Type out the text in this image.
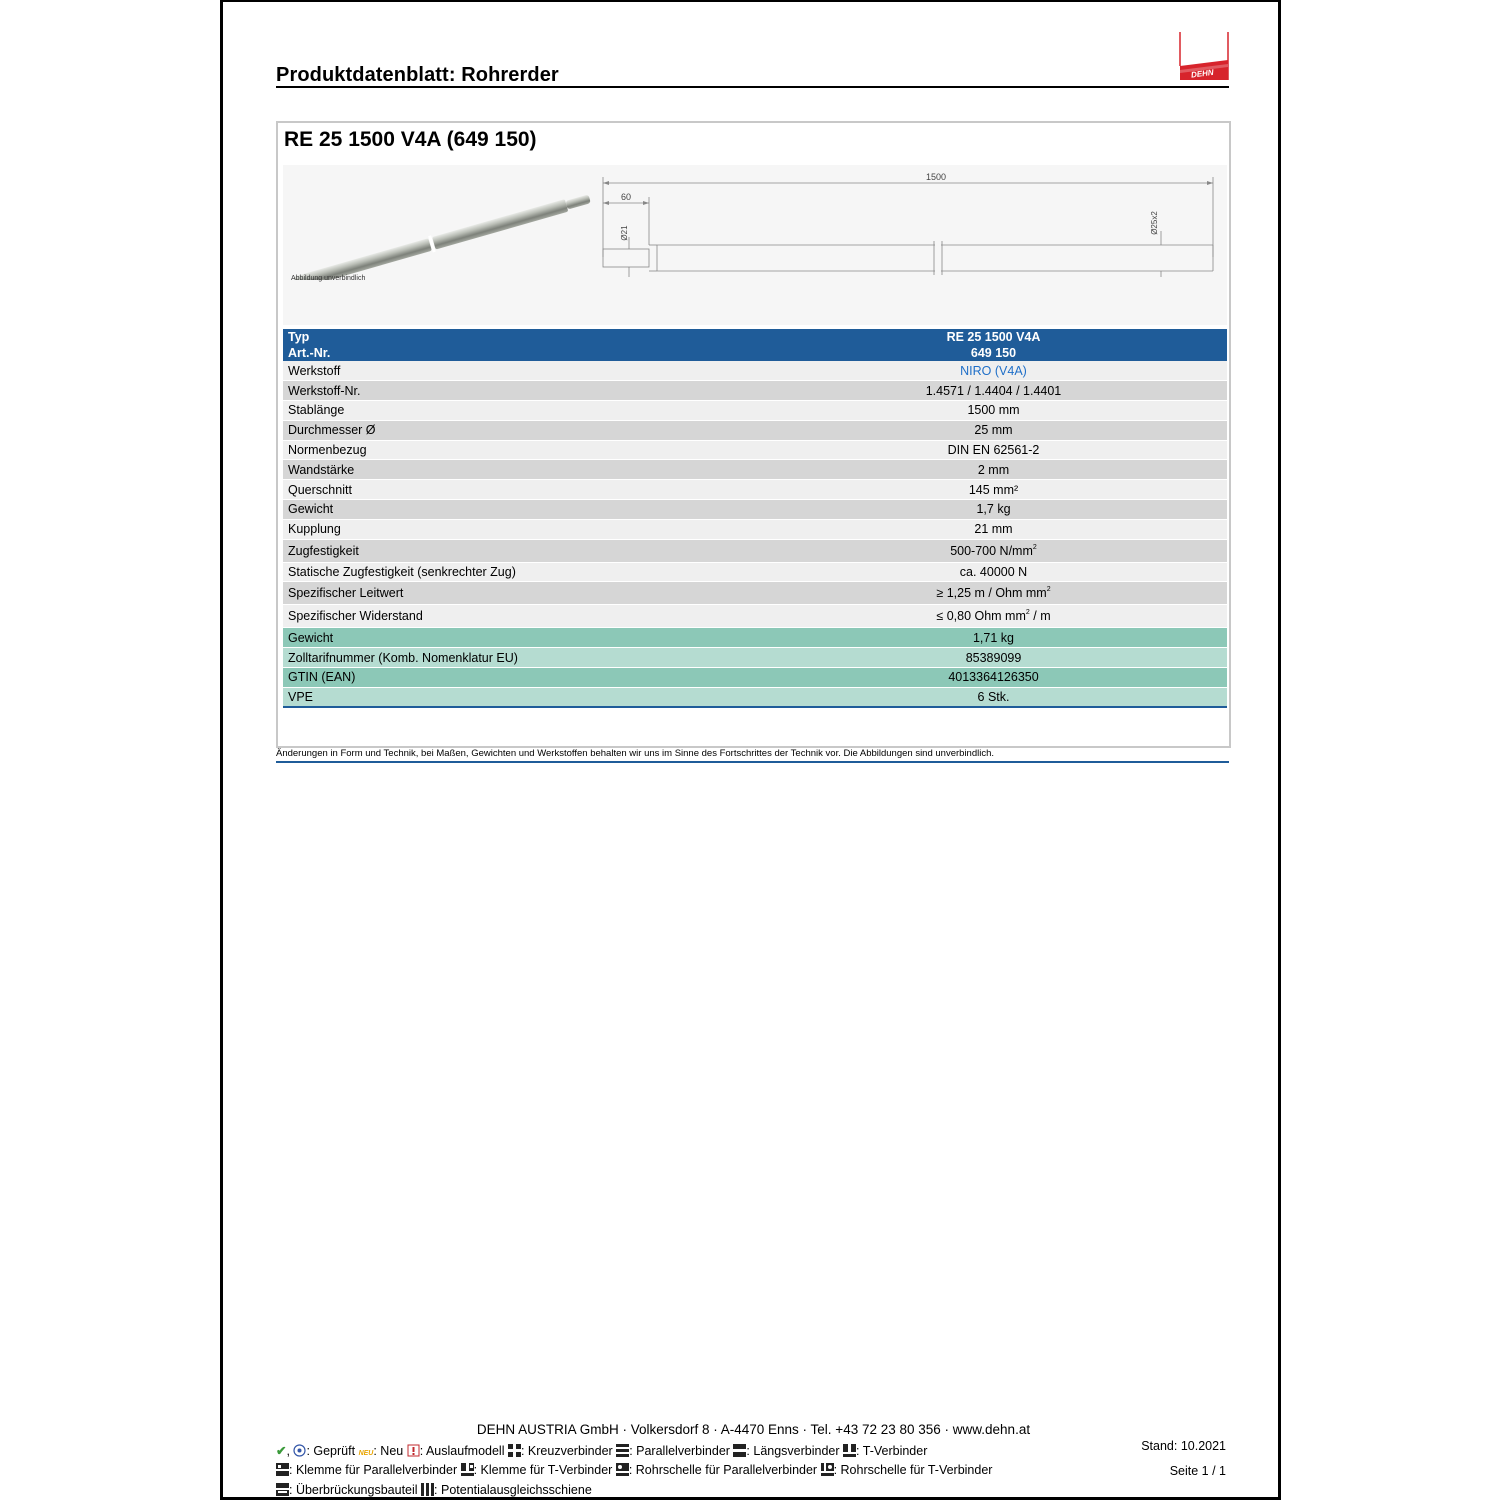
Produktdatenblatt: Rohrerder	DEHN
RE 25 1500 V4A (649 150)
Abbildung unverbindlich
1500
60
Ø21	Ø25x2
Typ	RE 25 1500 V4A
Art.-Nr.	649 150
Werkstoff	NIRO (V4A)
Werkstoff-Nr.	1.4571 / 1.4404 / 1.4401
Stablänge	1500 mm
Durchmesser Ø	25 mm
Normenbezug	DIN EN 62561-2
Wandstärke	2 mm
Querschnitt	145 mm²
Gewicht	1,7 kg
Kupplung	21 mm
Zugfestigkeit	500-700 $N/mm^2$
Statische Zugfestigkeit (senkrechter Zug)	ca. 40000 N
Spezifischer Leitwert	≥ 1,25 m / Ohm $mm^2$
Spezifischer Widerstand	≤ 0,80 Ohm $mm^2$ / m
Gewicht	1,71 kg
Zolltarifnummer (Komb. Nomenklatur EU)	85389099
GTIN (EAN)	4013364126350
VPE	6 Stk.
Änderungen in Form und Technik, bei Maßen, Gewichten und Werkstoffen behalten wir uns im Sinne des Fortschrittes der Technik vor. Die Abbildungen sind unverbindlich.
DEHN AUSTRIA GmbH · Volkersdorf 8 · A-4470 Enns · Tel. +43 72 23 80 356 · www.dehn.at
✔, : Geprüft NEU: Neu : Auslaufmodell : Kreuzverbinder : Parallelverbinder : Längsverbinder : T-Verbinder
: Klemme für Parallelverbinder : Klemme für T-Verbinder : Rohrschelle für Parallelverbinder : Rohrschelle für T-Verbinder
: Überbrückungsbauteil : Potentialausgleichsschiene
Stand: 10.2021
Seite 1 / 1
